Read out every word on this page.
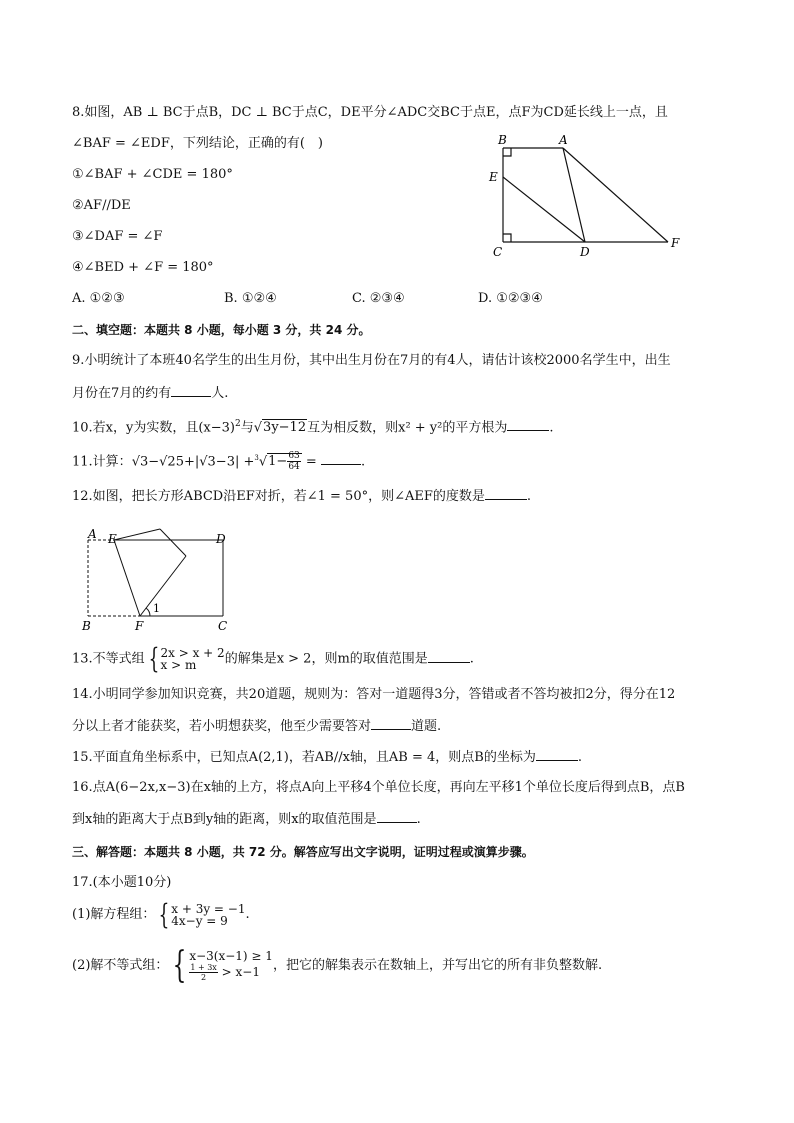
8.如图，AB ⊥ BC于点B，DC ⊥ BC于点C，DE平分∠ADC交BC于点E，点F为CD延长线上一点，且
∠BAF = ∠EDF，下列结论，正确的有(　)
①∠BAF + ∠CDE = 180°
②AF//DE
③∠DAF = ∠F
④∠BED + ∠F = 180°
A. ①②③	B. ①②④	C. ②③④	D. ①②③④
B	A
E
C	D
F
二、填空题：本题共 8 小题，每小题 3 分，共 24 分。
9.小明统计了本班40名学生的出生月份，其中出生月份在7月的有4人，请估计该校2000名学生中，出生
月份在7月的约有	人.
10.若x，y为实数，且$(x-3)^2$与√3y−12互为相反数，则x² + y²的平方根为	.
11.计算：$√3-√25+|√3-3| +^3√1- \frac{63}{64}$ =	.
12.如图，把长方形ABCD沿EF对折，若∠1 = 50°，则∠AEF的度数是	.
A E	D
B	F	C
1
13.不等式组 { 2x > x + 2
x > m	的解集是x > 2，则m的取值范围是	.
14.小明同学参加知识竞赛，共20道题，规则为：答对一道题得3分，答错或者不答均被扣2分，得分在12
分以上者才能获奖，若小明想获奖，他至少需要答对	道题.
15.平面直角坐标系中，已知点A(2,1)，若AB//x轴，且AB = 4，则点B的坐标为	.
16.点A(6−2x,x−3)在x轴的上方，将点A向上平移4个单位长度，再向左平移1个单位长度后得到点B，点B
到x轴的距离大于点B到y轴的距离，则x的取值范围是	.
三、解答题：本题共 8 小题，共 72 分。解答应写出文字说明，证明过程或演算步骤。
17.(本小题10分)
(1)解方程组： { x + 3y = −1
4x−y = 9	.
(2)解不等式组： { x−3(x−1) ≥ 1
$\frac{1 + 3x}{2} > x-1$ ，把它的解集表示在数轴上，并写出它的所有非负整数解.
